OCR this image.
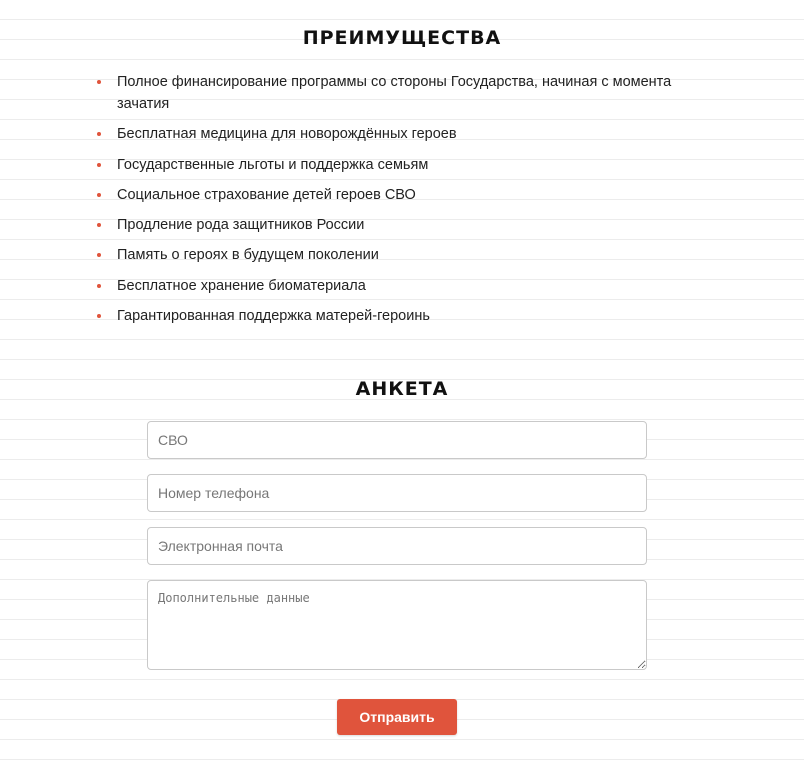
ПРЕИМУЩЕСТВА
Полное финансирование программы со стороны Государства, начиная с момента зачатия
Бесплатная медицина для новорождённых героев
Государственные льготы и поддержка семьям
Социальное страхование детей героев СВО
Продление рода защитников России
Память о героях в будущем поколении
Бесплатное хранение биоматериала
Гарантированная поддержка матерей-героинь
АНКЕТА
СВО
Номер телефона
Электронная почта
Дополнительные данные
Отправить
